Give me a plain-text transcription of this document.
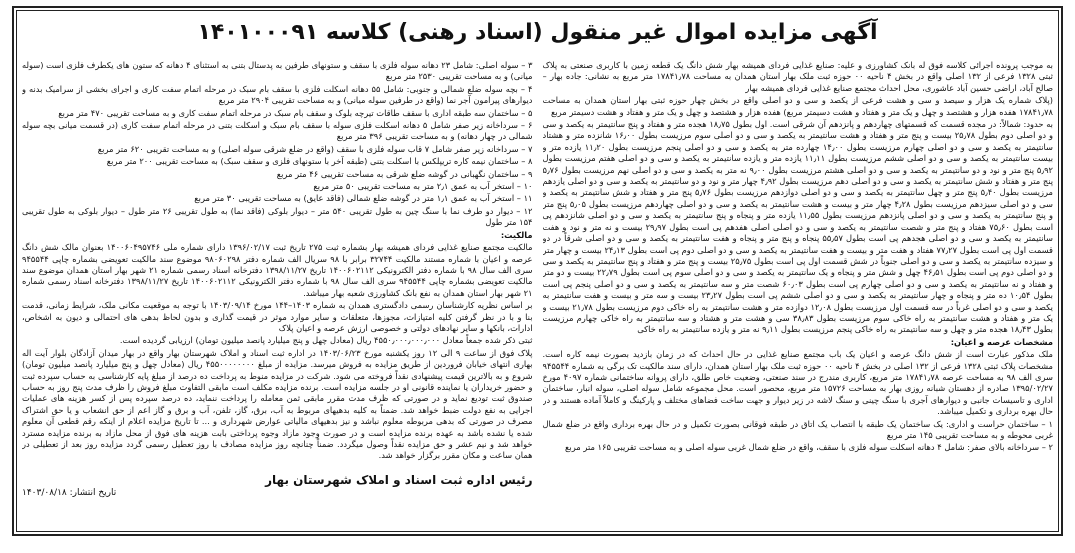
آگهی مزایده اموال غیر منقول (اسناد رهنی) کلاسه ۱۴۰۱۰۰۰۹۱

به موجب پرونده اجرائی کلاسه فوق له بانک کشاورزی و علیه: صنایع غذایی فردای همیشه بهار شش دانگ یک قطعه زمین با کاربری صنعتی به پلاک ثبتی ۱۳۲۸ فرعی از ۱۳۲ اصلی واقع در بخش ۴ ناحیه ۰۰ حوزه ثبت ملک بهار استان همدان به مساحت ۱۷۸۴۱٫۷۸ متر مربع به نشانی: جاده بهار – صالح آباد، اراضی حسین آباد عاشوری، محل احداث مجتمع صنایع غذایی فردای همیشه بهار

(پلاک شماره یک هزار و سیصد و سی و هشت فرعی از یکصد و سی و دو اصلی واقع در بخش چهار حوزه ثبتی بهار استان همدان به مساحت ۱۷۸۴۱٫۷۸ هفده هزار و هشتصد و چهل و یک متر و هفتاد و هشت دسیمتر مربع) هفده هزار و هشتصد و چهل و یک متر و هفتاد و هشت دسیمتر مربع

به حدود: شمالاً: در مجده قسمت که قسمتهای چهاردهم و پانزدهم آن شرقی است. اول بطول ۱۸٫۷۵ هجده متر و هفتاد و پنج سانتیمتر به یکصد و سی و دو اصلی دوم بطول ۲۵٫۷۸ بیست و پنج متر و هفتاد و هشت سانتیمتر به یکصد و سی و دو اصلی سوم مرزیست بطول ۱۶٫۰۰ شانزده متر و هشتاد سانتیمتر به یکصد و سی و دو اصلی چهارم مرزیست بطول ۱۴٫۰۰ چهارده متر به یکصد و سی و دو اصلی پنجم مرزیست بطول ۱۱٫۲۰ یازده متر و بیست سانتیمتر به یکصد و سی و دو اصلی ششم مرزیست بطول ۱۱٫۱۱ یازده متر و یازده سانتیمتر به یکصد و سی و دو اصلی هفتم مرزیست بطول ۵٫۹۲ پنج متر و نود و دو سانتیمتر به یکصد و سی و دو اصلی هشتم مرزیست بطول ۹٫۰۰ نه متر به یکصد و سی و دو اصلی نهم مرزیست بطول ۵٫۷۶ پنج متر و هفتاد و شش سانتیمتر به یکصد و سی و دو اصلی دهم مرزیست بطول ۴٫۹۲ چهار متر و نود و دو سانتیمتر به یکصد و سی و دو اصلی یازدهم مرزیست بطول ۵٫۴۰ پنج متر و چهل سانتیمتر به یکصد و سی و دو اصلی دوازدهم مرزیست بطول ۵٫۷۶ پنج متر و هفتاد و شش سانتیمتر به یکصد و سی و دو اصلی سیزدهم مرزیست بطول ۴٫۲۸ چهار متر و بیست و هشت سانتیمتر به یکصد و سی و دو اصلی چهاردهم مرزیست بطول ۵٫۰۵ پنج متر و پنج سانتیمتر به یکصد و سی و دو اصلی پانزدهم مرزیست بطول ۱۱٫۵۵ یازده متر و پنجاه و پنج سانتیمتر به یکصد و سی و دو اصلی شانزدهم پی است بطول ۷۵٫۶۰ هفتاد و پنج متر و شصت سانتیمتر به یکصد و سی و دو اصلی اصلی هفدهم پی است بطول ۲۹٫۹۷ بیست و نه متر و نود و هفت سانتیمتر به یکصد و سی و دو اصلی هجدهم پی است بطول ۵۵٫۵۷ پنجاه و پنج متر و پنجاه و هفت سانتیمتر به یکصد و سی و دو اصلی شرقاً در دو قسمت اول پی است بطول ۷۷٫۲۷ هفتاد و هفت متر و بیست و هفت سانتیمتر به یکصد و سی و دو اصلی دوم پی است بطول ۲۴٫۱۳ بیست و چهار متر و سیزده سانتیمتر به یکصد و سی و دو اصلی جنوباً در شش قسمت اول پی است بطول ۲۵٫۷۵ بیست و پنج متر و هفتاد و پنج سانتیمتر به یکصد و سی و دو اصلی دوم پی است بطول ۴۶٫۵۱ چهل و شش متر و پنجاه و یک سانتیمتر به یکصد و سی و دو اصلی سوم پی است بطول ۲۲٫۷۹ بیست و دو متر و هفتاد و نه سانتیمتر به یکصد و سی و دو اصلی چهارم پی است بطول ۶۰٫۰۳ شصت متر و سه سانتیمتر به یکصد و سی و دو اصلی پنجم پی است بطول ۱۰٫۵۴ ده متر و پنجاه و چهار سانتیمتر به یکصد و سی و دو اصلی ششم پی است بطول ۲۳٫۲۷ بیست و سه متر و بیست و هفت سانتیمتر به یکصد و سی و دو اصلی غرباً در سه قسمت اول مرزیست بطول ۱۲٫۰۸ دوازده متر و هشت سانتیمتر به راه خاکی دوم مرزیست بطول ۲۱٫۷۸ بیست و یک متر و هفتاد و هشت سانتیمتر به راه خاکی سوم مرزیست بطول ۳۸٫۸۳ سی و هشت متر و هشتاد و سه سانتیمتر به راه خاکی چهارم مرزیست بطول ۱۸٫۴۳ هجده متر و چهل و سه سانتیمتر به راه خاکی پنجم مرزیست بطول ۹٫۱۱ نه متر و یازده سانتیمتر به راه خاکی

مشخصات عرصه و اعیان:

ملک مذکور عبارت است از شش دانگ عرصه و اعیان یک باب مجتمع صنایع غذایی در حال احداث که در زمان بازدید بصورت نیمه کاره است. مشخصات پلاک ثبتی ۱۳۲۸ فرعی از ۱۳۲ اصلی در بخش ۴ ناحیه ۰۰ حوزه ثبت ملک بهار استان همدان، دارای سند مالکیت تک برگی به شماره ۹۴۵۵۴۴ سری الف ۹۸ به مساحت عرصه ۱۷۸۴۱٫۷۸ متر مربع، کاربری مندرج در سند صنعتی، وضعیت خاص طلق، دارای پروانه ساختمانی شماره ۴۰۹۷ مورخ ۱۳۹۵/۰۲/۲۷ صادره از دهستان شبانه روزی بهار به مساحت ۱۵۷۲۶ متر مربع، محصور است. محل مجموعه شامل سوله اصلی، سوله انبار، ساختمان اداری و تاسیسات جانبی و دیوارهای آجری با سنگ چینی و سنگ لاشه در زیر دیوار و جهت ساخت فضاهای مختلف و پارکینگ و کاملاً آماده هستند و در حال بهره برداری و تکمیل میباشد.

۱ – ساختمان حراست و اداری: یک ساختمان یک طبقه با انتصاب یک اتاق در طبقه فوقانی بصورت تکمیل و در حال بهره برداری واقع در ضلع شمال غربی محوطه و به مساحت تقریبی ۱۴۵ متر مربع

۲ – سرداخانه بالای صفر: شامل ۴ دهانه اسکلت سوله فلزی با سقف، واقع در ضلع شمال غربی سوله اصلی و به مساحت تقریبی ۱۶۵ متر مربع

۳ – سوله اصلی: شامل ۲۳ دهانه سوله فلزی با سقف و ستونهای طرفین به پدستال بتنی به استثنای ۴ دهانه که ستون های یکطرف فلزی است (سوله میانی) و به مساحت تقریبی ۲۵۳۰ متر مربع

۴ – بچه سوله ضلع شمالی و جنوبی: شامل ۵۵ دهانه اسکلت فلزی با سقف بام سبک در مرحله اتمام سفت کاری و اجرای بخشی از سرامیک بدنه و دیوارهای پیرامون آجر نما (واقع در طرفین سوله میانی) و به مساحت تقریبی ۲۹۰۴ متر مربع

۵ – ساختمان سه طبقه اداری با سقف طاقات تیرچه بلوک و سقف بام سبک در مرحله اتمام سفت کاری و به مساحت تقریبی ۴۷۰ متر مربع

۶ – سرداخانه زیر صفر شامل ۵ دهانه اسکلت فلزی سوله با سقف بام سبک و اسکلت بتنی در مرحله اتمام سفت کاری (در قسمت میانی بچه سوله شمالی در چهار دهانه) و به مساحت تقریبی ۳۹۶ متر مربع

۷ – سرداخانه زیر صفر شامل ۷ قاب سوله فلزی با سقف (واقع در ضلع شرقی سوله اصلی) و به مساحت تقریبی ۶۲۰ متر مربع

۸ – ساختمان نیمه کاره تریپلکس با اسکلت بتنی (طبقه آخر با ستونهای فلزی و سقف سبک) به مساحت تقریبی ۲۰۰ متر مربع

۹ – ساختمان نگهبانی در گوشه ضلع شرقی به مساحت تقریبی ۴۶ متر مربع

۱۰ – استخر آب به عمق ۲٫۱ متر به مساحت تقریبی ۵۰ متر مربع

۱۱ – استخر آب به عمق ۱٫۱ متر در گوشه ضلع شمالی (فاقد عایق) به مساحت تقریبی ۳۰ متر مربع

۱۲ – دیوار دو طرف نما با سنگ چین به طول تقریبی ۵۴۰ متر – دیوار بلوکی (فاقد نما) به طول تقریبی ۲۶ متر طول – دیوار بلوکی به طول تقریبی ۱۵۴ متر طول

مالکیت:

مالکیت مجتمع صنایع غذایی فردای همیشه بهار بشماره ثبت ۲۷۵ تاریخ ثبت ۱۳۹۶/۰۲/۱۷ دارای شماره ملی ۱۴۰۰۶۰۴۹۵۷۴۶ بعنوان مالک شش دانگ عرصه و اعیان با شماره مستند مالکیت ۳۲۷۴۴ برابر با ۹۸ سریال الف شماره دفتر ۹۸۰۶۰۲۹۸ موضوع سند مالکیت تعویضی بشماره چاپی ۹۴۵۵۴۴ سری الف سال ۹۸ با شماره دفتر الکترونیکی ۱۴۰۰۶۰۲۱۱۲ تاریخ ۱۳۹۸/۱۱/۲۷ دفترخانه اسناد رسمی شماره ۲۱ شهر بهار استان همدان موضوع سند مالکیت تعویضی بشماره چاپی ۹۴۵۵۴۴ سری الف سال ۹۸ با شماره دفتر الکترونیکی ۱۴۰۰۶۰۲۱۱۲ تاریخ ۱۳۹۸/۱۱/۲۷ دفترخانه اسناد رسمی شماره ۲۱ شهر بهار استان همدان به نفع بانک کشاورزی شعبه بهار میباشد.

بر اساس نظریه کارشناسان رسمی دادگستری همدان به شماره ۱۴۰۳–۱۴۴ مورخ ۱۴۰۳/۰۹/۱۴ با توجه به موقعیت مکانی ملک، شرایط زمانی، قدمت بنا و با در نظر گرفتن کلیه امتیازات، مجوزها، متعلقات و سایر موارد موثر در قیمت گذاری و بدون لحاظ بدهی های احتمالی و دیون به اشخاص، ادارات، بانکها و سایر نهادهای دولتی و خصوصی ارزش عرصه و اعیان پلاک

ثبتی ذکر شده جمعاً معادل ۴۵۵۰٫۰۰۰٫۰۰۰٫۰۰۰ ریال (معادل چهل و پنج میلیارد پانصد میلیون تومان) ارزیابی گردیده است.

پلاک فوق از ساعت ۹ الی ۱۲ روز یکشنبه مورخ ۱۴۰۳/۰۶/۲۳ در اداره ثبت اسناد و املاک شهرستان بهار واقع در بهار میدان آزادگان بلوار آیت اله بهاری انتهای خیابان فروردین از طریق مزایده به فروش میرسد. مزایده از مبلغ ۴۵۵۰۰۰۰۰۰۰۰ ریال (معادل چهل و پنج میلیارد پانصد میلیون تومان) شروع و به بالاترین قیمت پیشنهادی نقداً فروخته می شود. شرکت در مزایده منوط به پرداخت ده درصد از مبلغ پایه کارشناسی به حساب سپرده ثبت و حضور خریداران یا نماینده قانونی او در جلسه مزایده است. برنده مزایده مکلف است مابقی التفاوت مبلغ فروش را ظرف مدت پنج روز به حساب صندوق ثبت تودیع نماید و در صورتی که ظرف مدت مقرر مابقی ثمن معامله را پرداخت ننماید، ده درصد سپرده پس از کسر هزینه های عملیات اجرایی به نفع دولت ضبط خواهد شد. ضمناً به کلیه بدهیهای مربوط به آب، برق، گاز، تلفن، آب و برق و گاز اعم از حق انشعاب و یا حق اشتراک مصرف در صورتی که بدهی مربوطه معلوم نباشد و نیز بدهیهای مالیاتی عوارض شهرداری و ... تا تاریخ مزایده اعلام از اینکه رقم قطعی آن معلوم شده یا نشده باشد به عهده برنده مزایده است و در صورت وجود مازاد وجوه پرداختی بابت هزینه های فوق از محل مازاد به برنده مزایده مسترد خواهد شد و نیم عشر و حق مزایده نقداً وصول میگردد. ضمناً چنانچه روز مزایده مصادف با روز تعطیل رسمی گردد مزایده روز بعد از تعطیلی در همان ساعت و مکان مقرر برگزار خواهد شد.

رئیس اداره ثبت اسناد و املاک شهرستان بهار
تاریخ انتشار: ۱۴۰۳/۰۸/۱۸
